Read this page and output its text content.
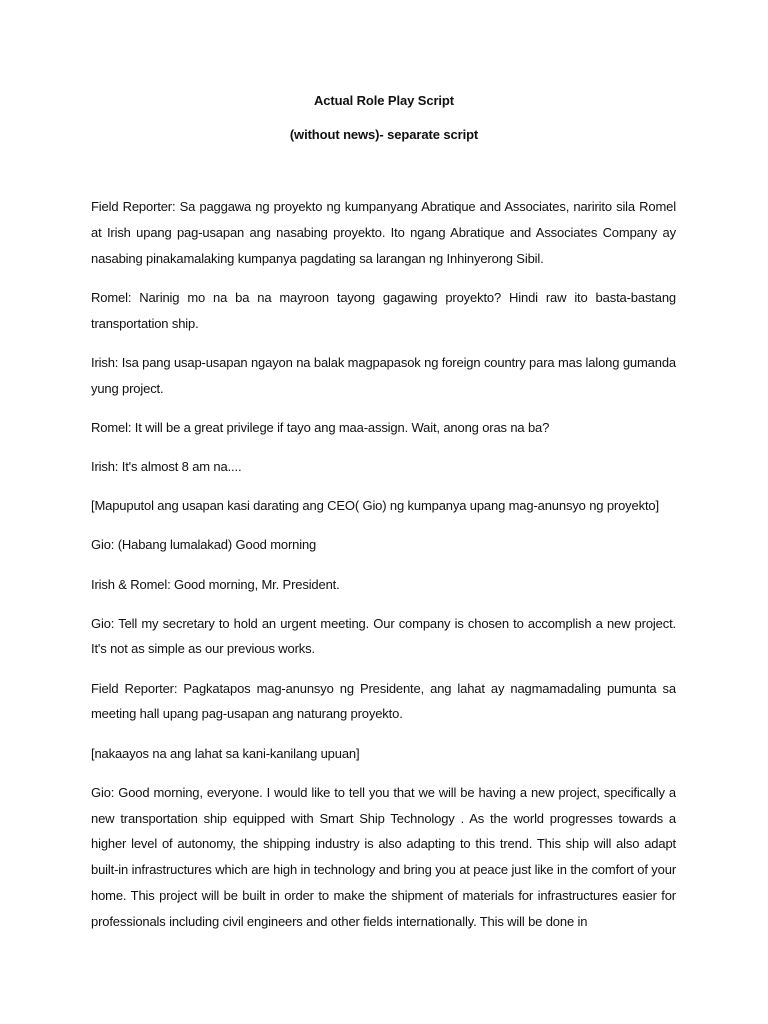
Actual Role Play Script
(without news)- separate script

Field Reporter: Sa paggawa ng proyekto ng kumpanyang Abratique and Associates, naririto sila Romel at Irish upang pag-usapan ang nasabing proyekto. Ito ngang Abratique and Associates Company ay nasabing pinakamalaking kumpanya pagdating sa larangan ng Inhinyerong Sibil.

Romel: Narinig mo na ba na mayroon tayong gagawing proyekto? Hindi raw ito basta-bastang transportation ship.

Irish: Isa pang usap-usapan ngayon na balak magpapasok ng foreign country para mas lalong gumanda yung project.

Romel: It will be a great privilege if tayo ang maa-assign. Wait, anong oras na ba?

Irish: It's almost 8 am na....

[Mapuputol ang usapan kasi darating ang CEO( Gio) ng kumpanya upang mag-anunsyo ng proyekto]

Gio: (Habang lumalakad) Good morning

Irish & Romel: Good morning, Mr. President.

Gio: Tell my secretary to hold an urgent meeting. Our company is chosen to accomplish a new project. It's not as simple as our previous works.

Field Reporter: Pagkatapos mag-anunsyo ng Presidente, ang lahat ay nagmamadaling pumunta sa meeting hall upang pag-usapan ang naturang proyekto.

[nakaayos na ang lahat sa kani-kanilang upuan]

Gio: Good morning, everyone. I would like to tell you that we will be having a new project, specifically a new transportation ship equipped with Smart Ship Technology . As the world progresses towards a higher level of autonomy, the shipping industry is also adapting to this trend. This ship will also adapt built-in infrastructures which are high in technology and bring you at peace just like in the comfort of your home. This project will be built in order to make the shipment of materials for infrastructures easier for professionals including civil engineers and other fields internationally. This will be done in
